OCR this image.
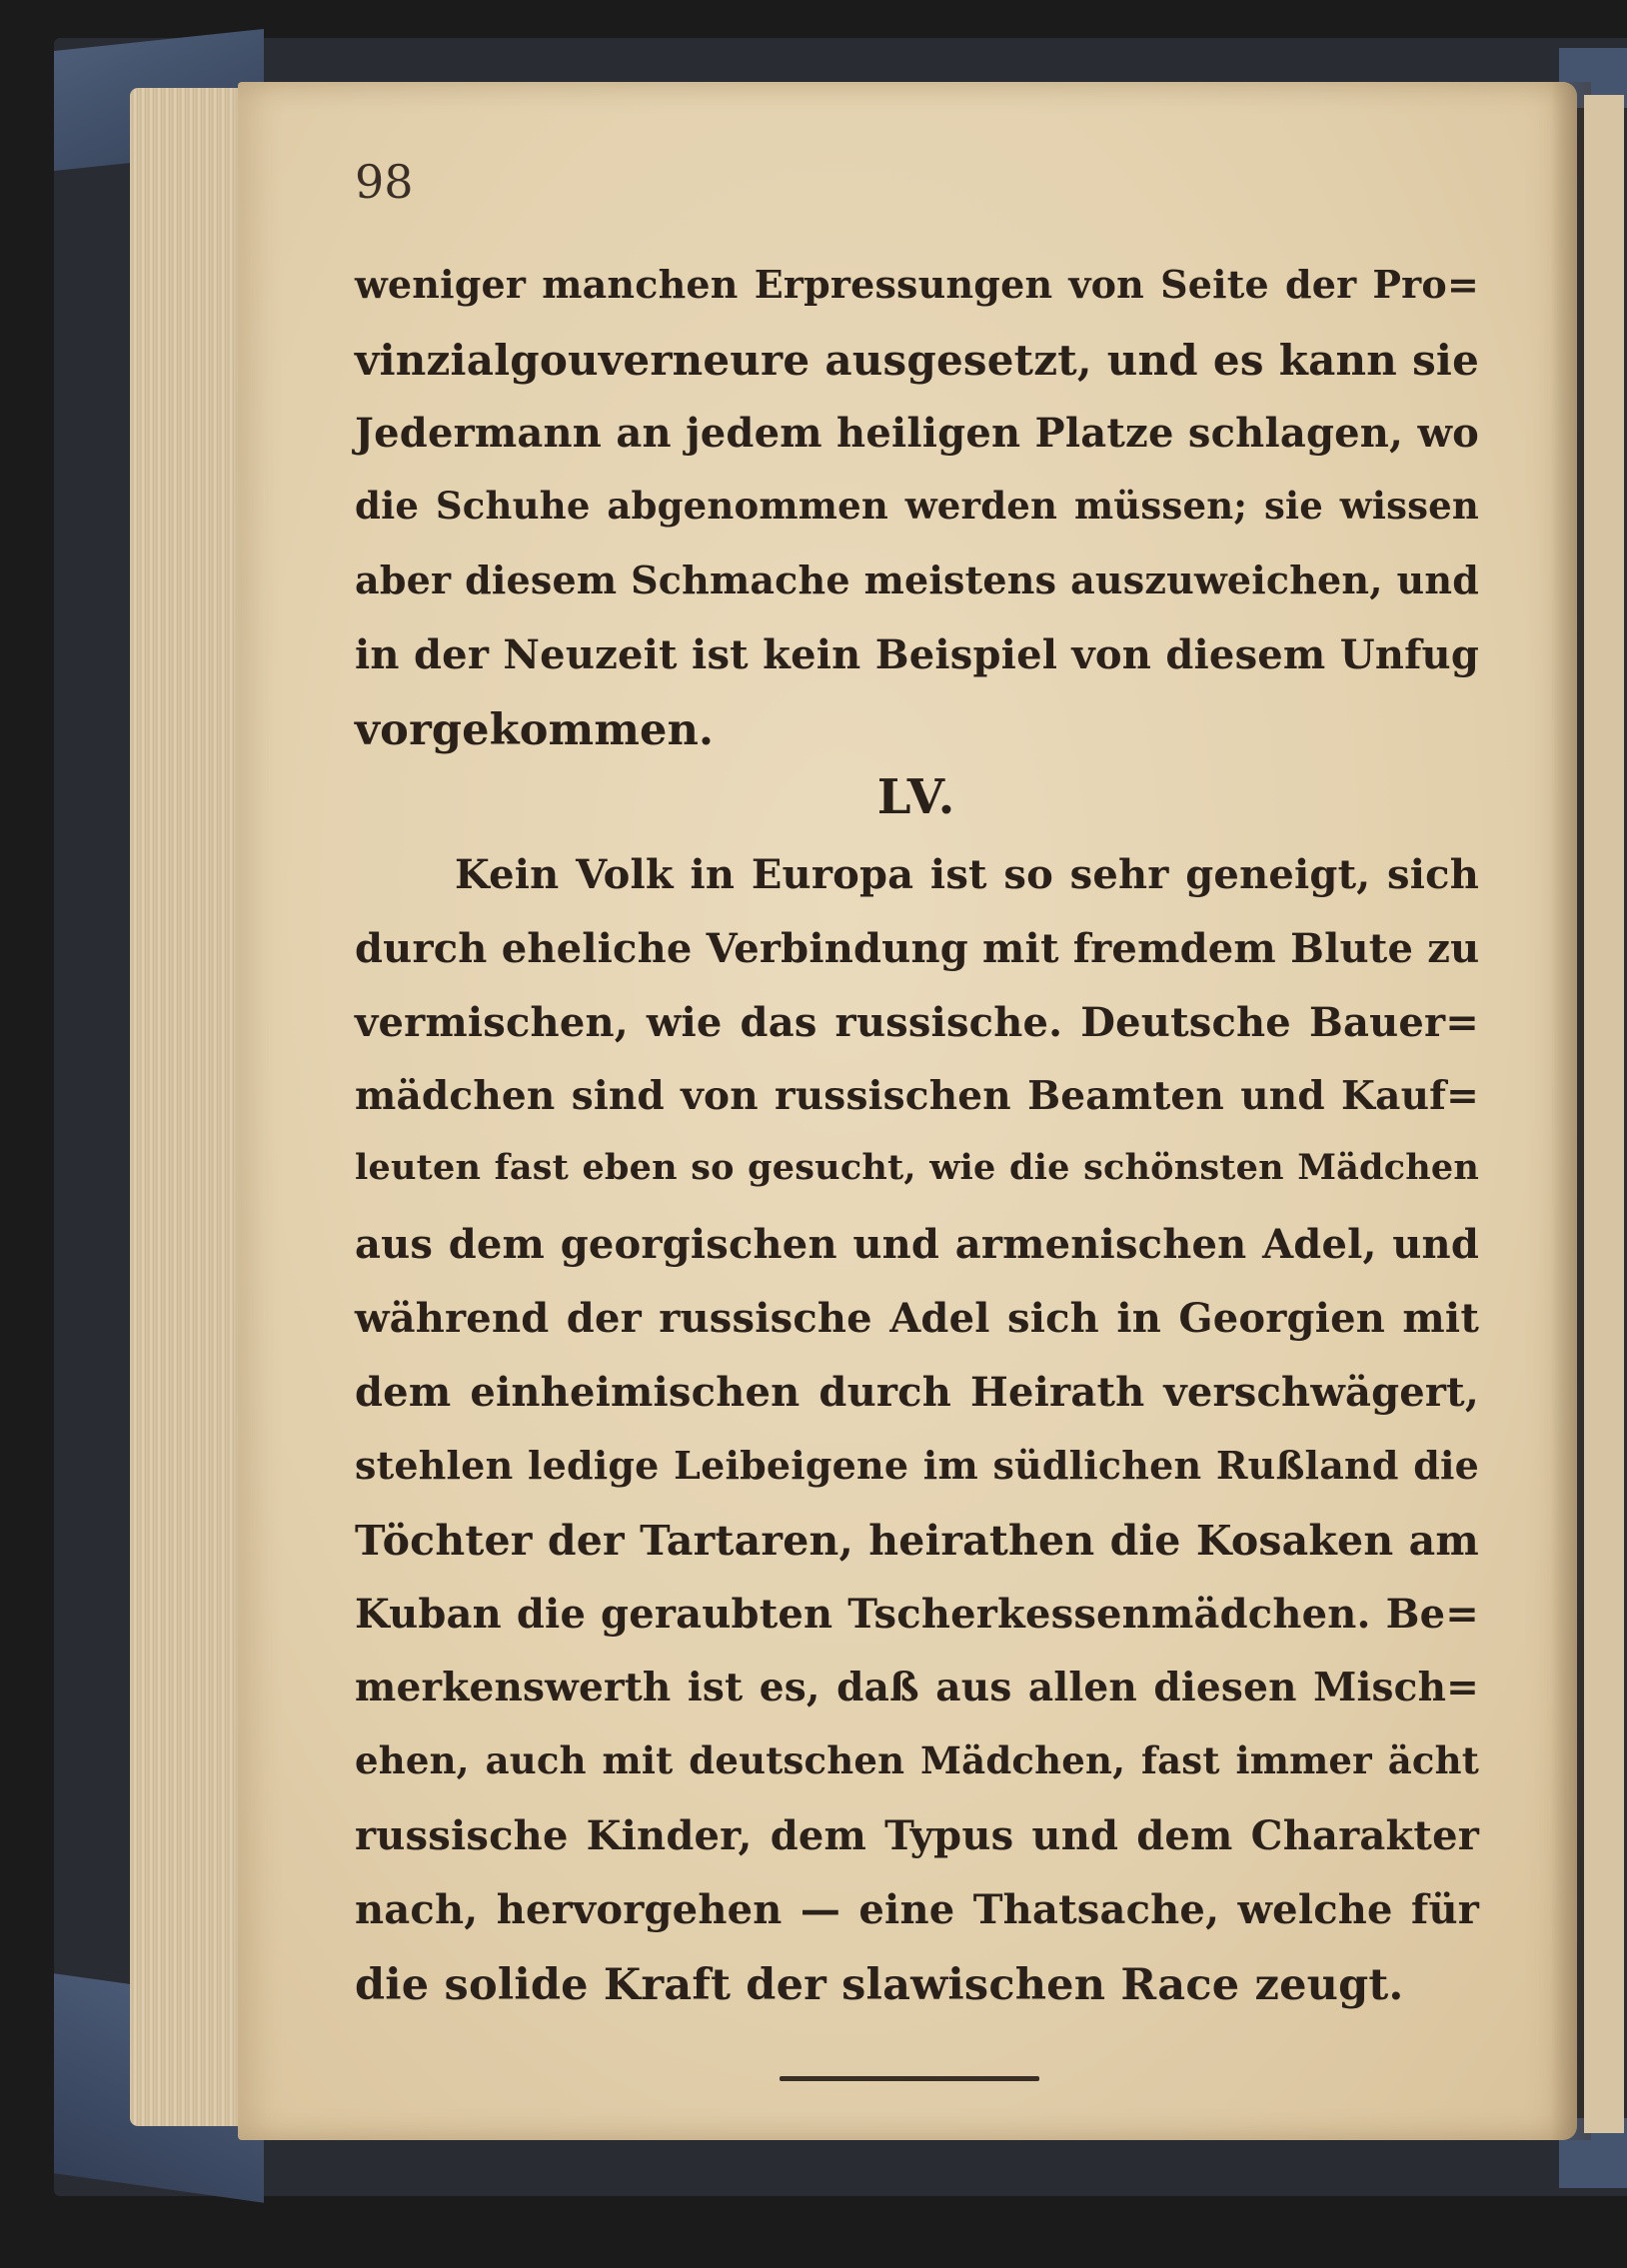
98
weniger manchen Erpressungen von Seite der Pro=
vinzialgouverneure ausgesetzt, und es kann sie
Jedermann an jedem heiligen Platze schlagen, wo
die Schuhe abgenommen werden müssen; sie wissen
aber diesem Schmache meistens auszuweichen, und
in der Neuzeit ist kein Beispiel von diesem Unfug
vorgekommen.
LV.
Kein Volk in Europa ist so sehr geneigt, sich
durch eheliche Verbindung mit fremdem Blute zu
vermischen, wie das russische. Deutsche Bauer=
mädchen sind von russischen Beamten und Kauf=
leuten fast eben so gesucht, wie die schönsten Mädchen
aus dem georgischen und armenischen Adel, und
während der russische Adel sich in Georgien mit
dem einheimischen durch Heirath verschwägert,
stehlen ledige Leibeigene im südlichen Rußland die
Töchter der Tartaren, heirathen die Kosaken am
Kuban die geraubten Tscherkessenmädchen. Be=
merkenswerth ist es, daß aus allen diesen Misch=
ehen, auch mit deutschen Mädchen, fast immer ächt
russische Kinder, dem Typus und dem Charakter
nach, hervorgehen — eine Thatsache, welche für
die solide Kraft der slawischen Race zeugt.
